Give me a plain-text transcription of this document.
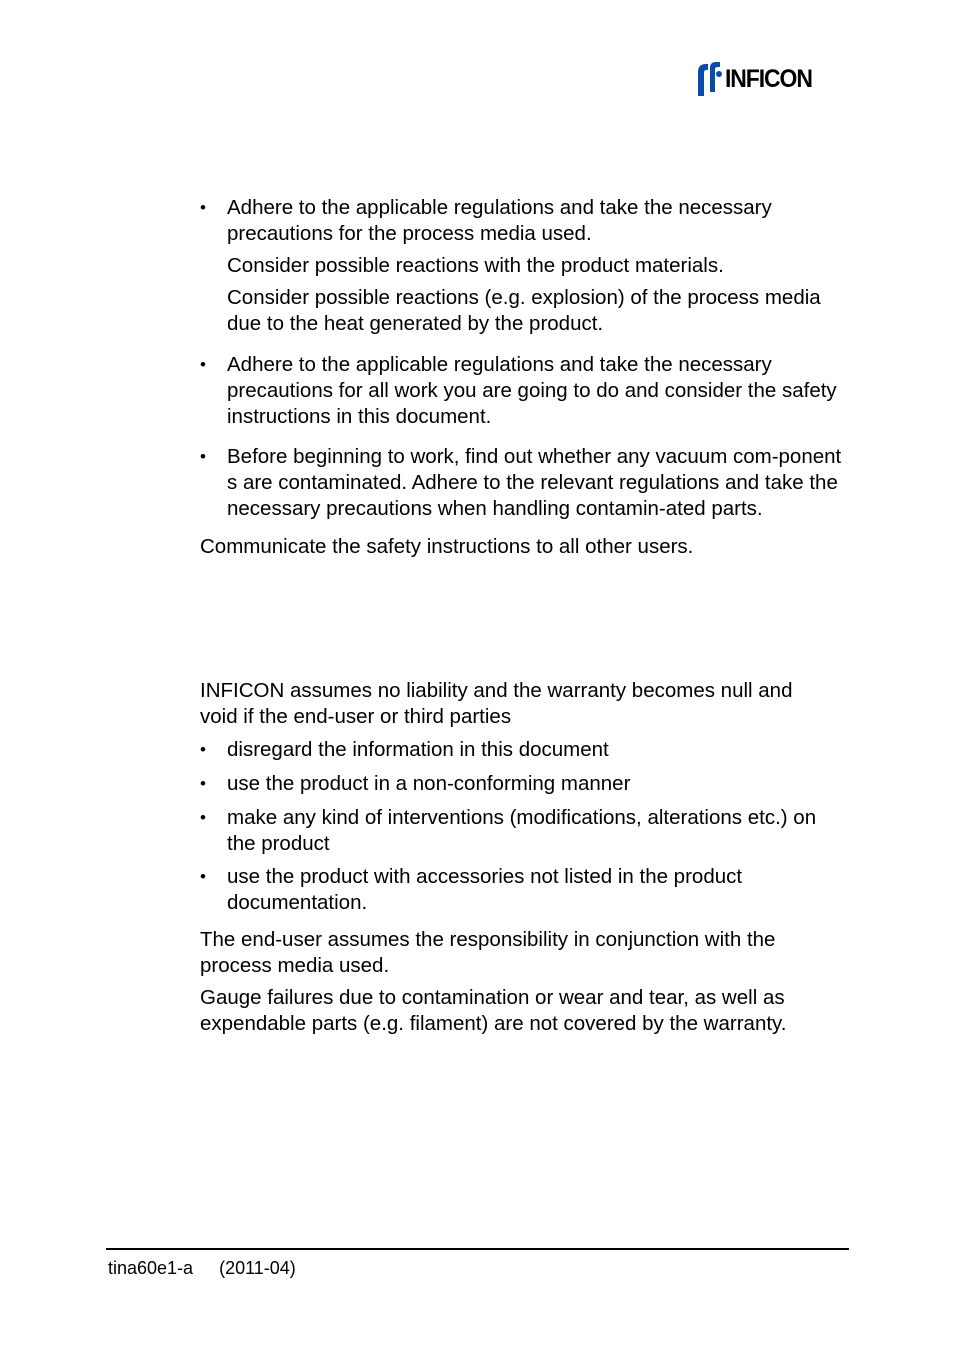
INFICON

• Adhere to the applicable regulations and take the necessary precautions for the process media used.

Consider possible reactions with the product materials.

Consider possible reactions (e.g. explosion) of the process media due to the heat generated by the product.

• Adhere to the applicable regulations and take the necessary precautions for all work you are going to do and consider the safety instructions in this document.

• Before beginning to work, find out whether any vacuum com-ponents are contaminated. Adhere to the relevant regulations and take the necessary precautions when handling contamin-ated parts.

Communicate the safety instructions to all other users.

INFICON assumes no liability and the warranty becomes null and void if the end-user or third parties

• disregard the information in this document

• use the product in a non-conforming manner

• make any kind of interventions (modifications, alterations etc.) on the product

• use the product with accessories not listed in the product documentation.

The end-user assumes the responsibility in conjunction with the process media used.

Gauge failures due to contamination or wear and tear, as well as expendable parts (e.g. filament) are not covered by the warranty.

tina60e1-a (2011-04)
